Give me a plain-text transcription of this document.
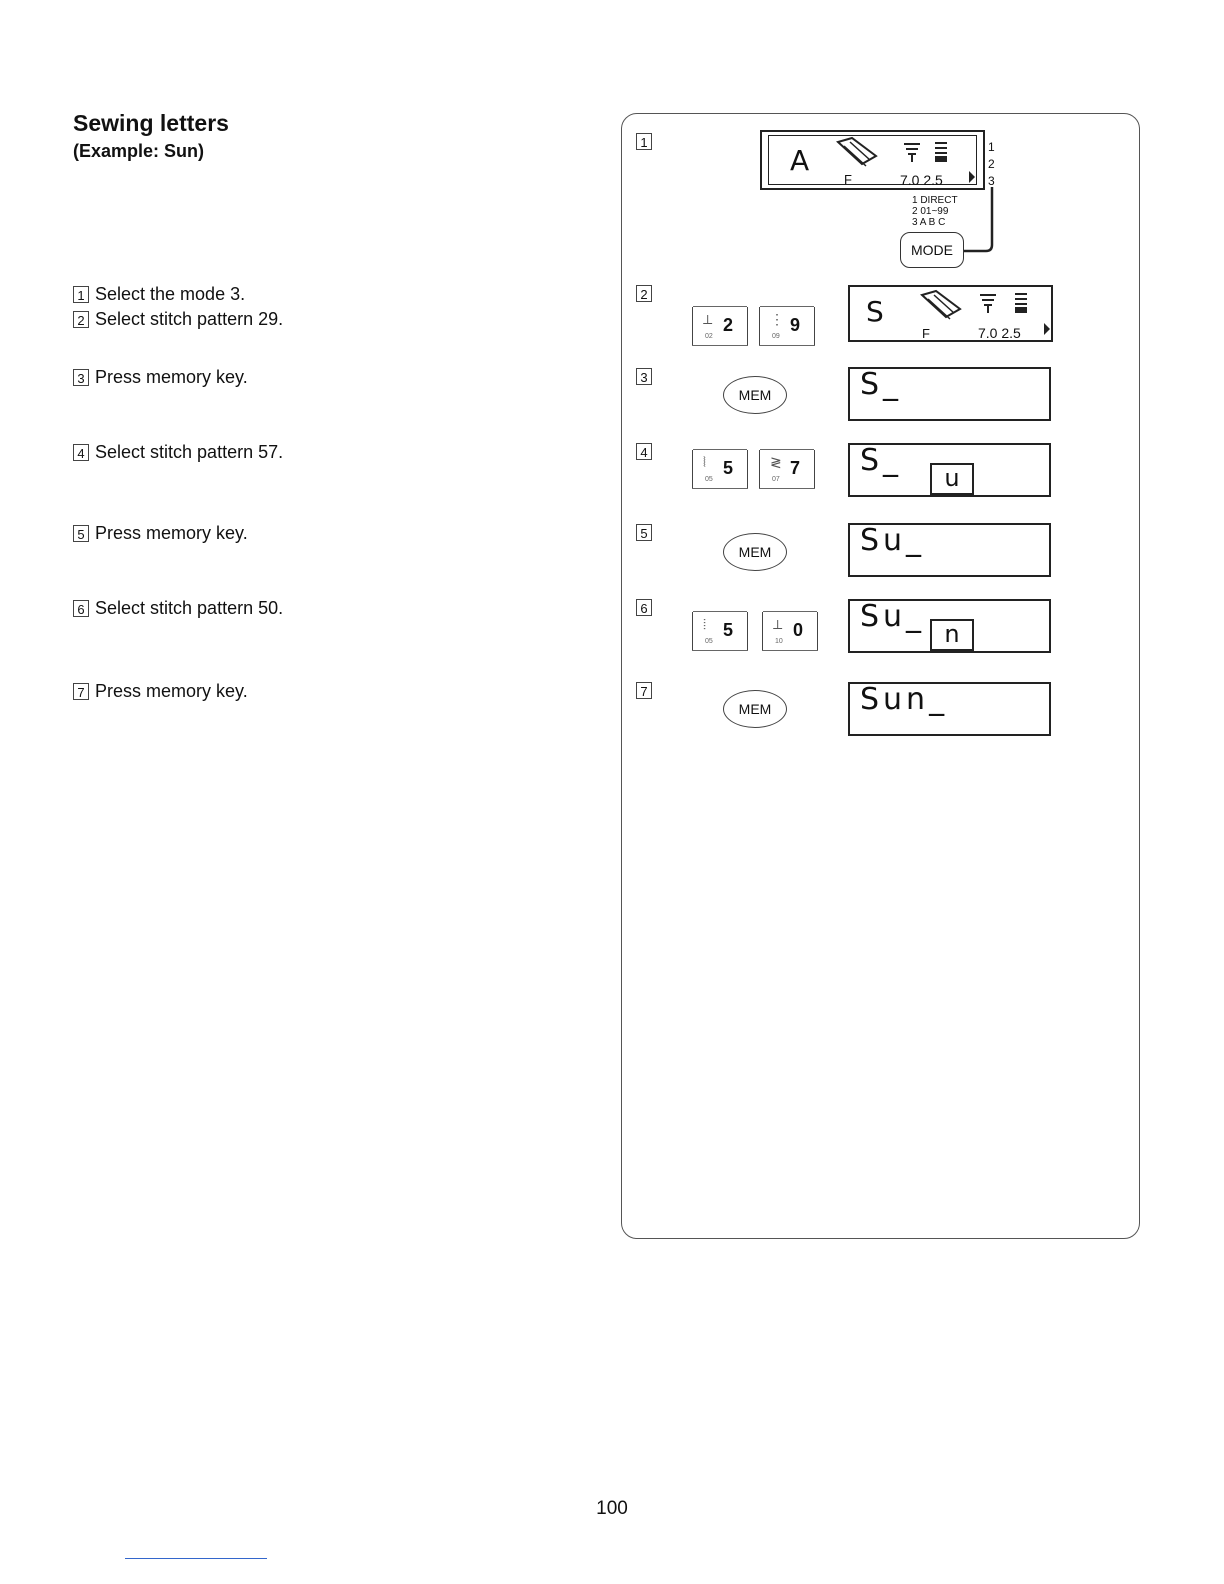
Sewing letters
(Example: Sun)
1 Select the mode 3.
2 Select stitch pattern 29.
3 Press memory key.
4 Select stitch pattern 57.
5 Press memory key.
6 Select stitch pattern 50.
7 Press memory key.
1
2
3
4
5
6
7
A
F	7.0 2.5
1
2
3
1 DIRECT
2 01~99
3 A B C
MODE
⟂ 2
02
⋮ 9
09
S
F	7.0 2.5
MEM	S_
⦚ 5
05
≷ 7
07
S_	u
MEM	Su_
⦙ 5
05
⟂ 0
10
Su_ n
MEM	Sun_
100
